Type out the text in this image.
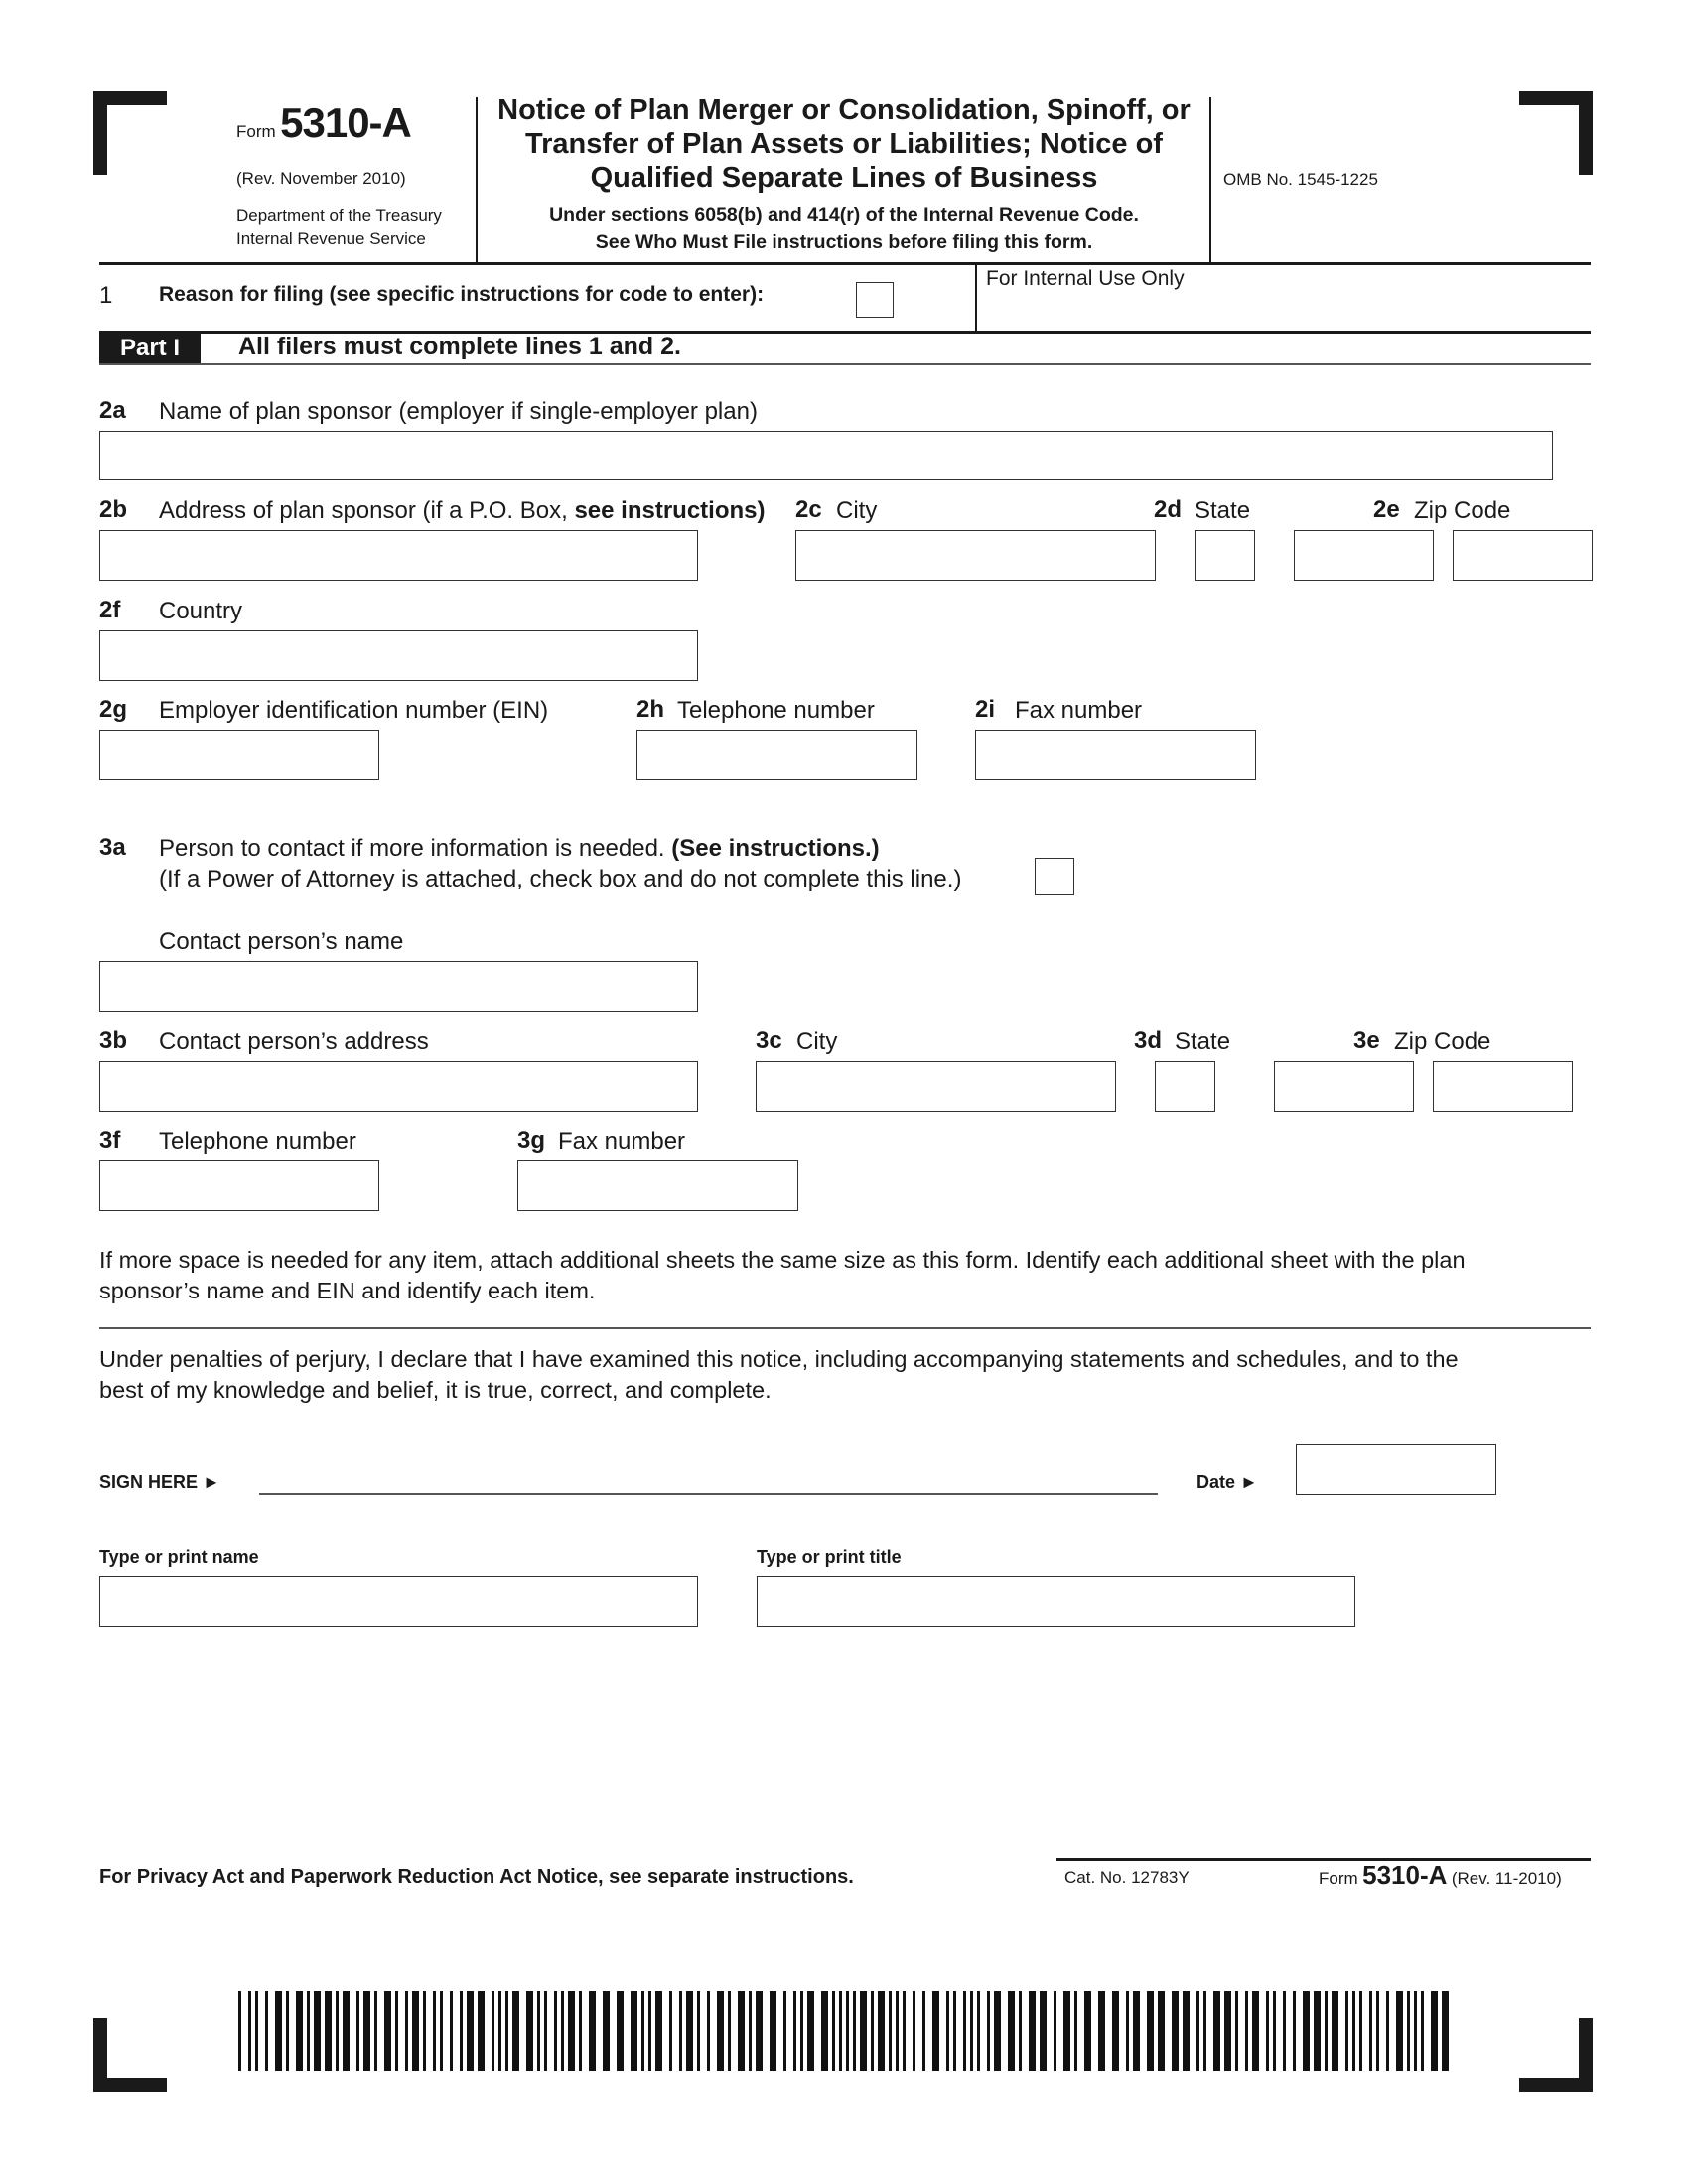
Form 5310-A
(Rev. November 2010)
Department of the Treasury
Internal Revenue Service
Notice of Plan Merger or Consolidation, Spinoff, or
Transfer of Plan Assets or Liabilities; Notice of
Qualified Separate Lines of Business
Under sections 6058(b) and 414(r) of the Internal Revenue Code.
See Who Must File instructions before filing this form.
OMB No. 1545-1225
1 Reason for filing (see specific instructions for code to enter):
For Internal Use Only
Part I	All filers must complete lines 1 and 2.
2a Name of plan sponsor (employer if single-employer plan)
2b Address of plan sponsor (if a P.O. Box, see instructions) 2c City	2d State	2e Zip Code
2f Country
2g Employer identification number (EIN)	2h Telephone number	2i Fax number
3a Person to contact if more information is needed. (See instructions.)
(If a Power of Attorney is attached, check box and do not complete this line.)
Contact person’s name
3b Contact person’s address	3c City	3d State	3e Zip Code
3f Telephone number	3g Fax number
If more space is needed for any item, attach additional sheets the same size as this form. Identify each additional sheet with the plan
sponsor’s name and EIN and identify each item.
Under penalties of perjury, I declare that I have examined this notice, including accompanying statements and schedules, and to the
best of my knowledge and belief, it is true, correct, and complete.
SIGN HERE ►	Date ►
Type or print name	Type or print title
For Privacy Act and Paperwork Reduction Act Notice, see separate instructions.	Cat. No. 12783Y	Form 5310-A (Rev. 11-2010)
